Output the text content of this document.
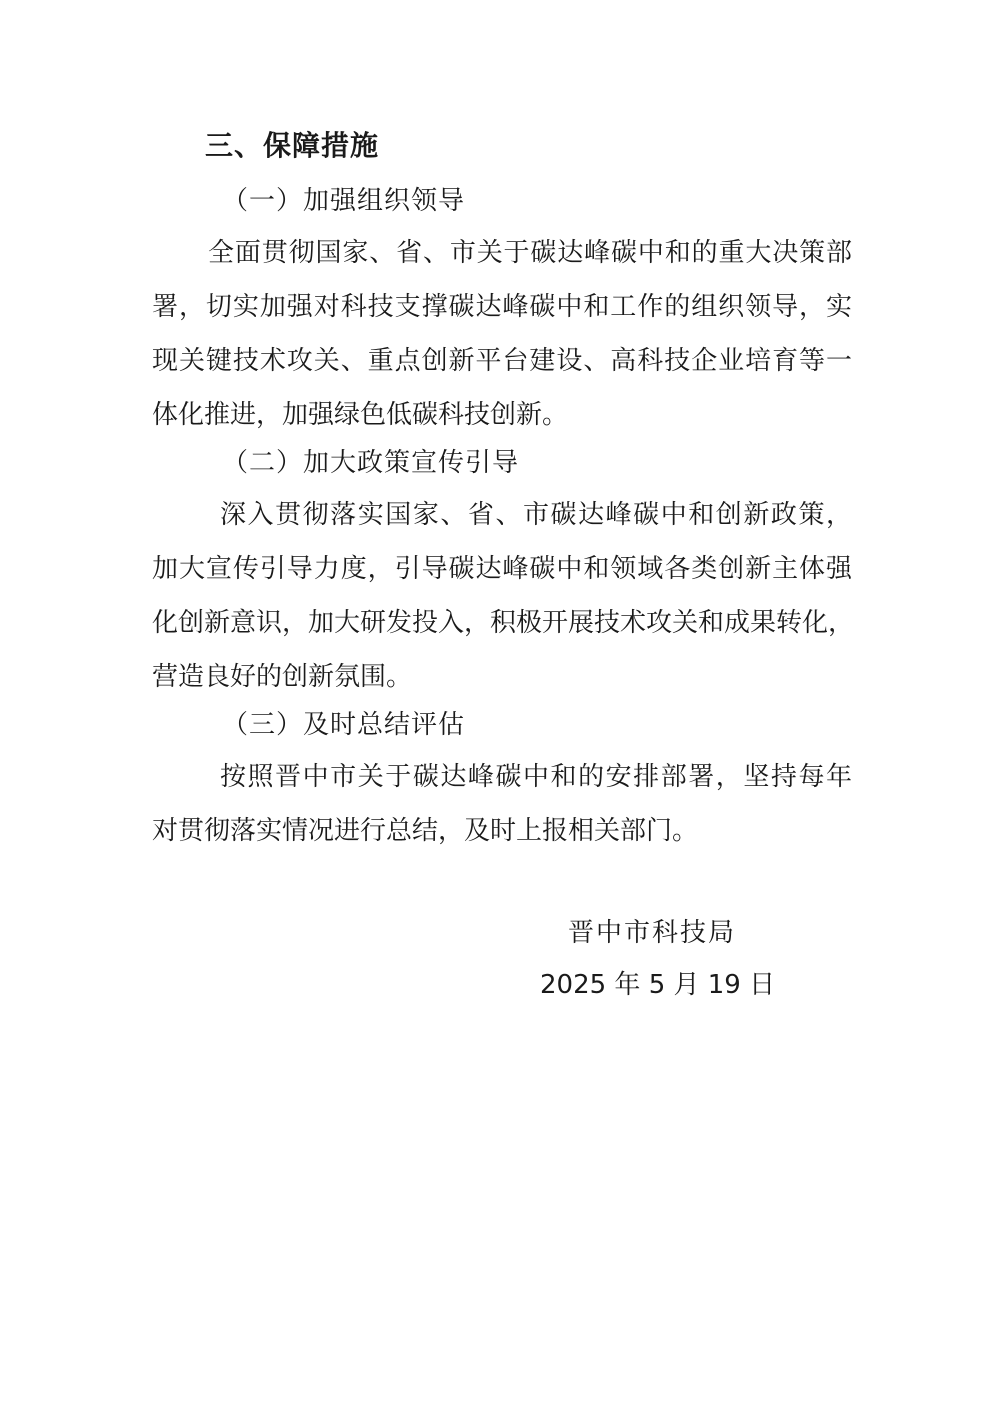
三、保障措施
（一）加强组织领导
全面贯彻国家、省、市关于碳达峰碳中和的重大决策部
署，切实加强对科技支撑碳达峰碳中和工作的组织领导，实
现关键技术攻关、重点创新平台建设、高科技企业培育等一
体化推进，加强绿色低碳科技创新。
（二）加大政策宣传引导
深入贯彻落实国家、省、市碳达峰碳中和创新政策，
加大宣传引导力度，引导碳达峰碳中和领域各类创新主体强
化创新意识，加大研发投入，积极开展技术攻关和成果转化，
营造良好的创新氛围。
（三）及时总结评估
按照晋中市关于碳达峰碳中和的安排部署，坚持每年
对贯彻落实情况进行总结，及时上报相关部门。
晋中市科技局
2025 年 5 月 19 日
